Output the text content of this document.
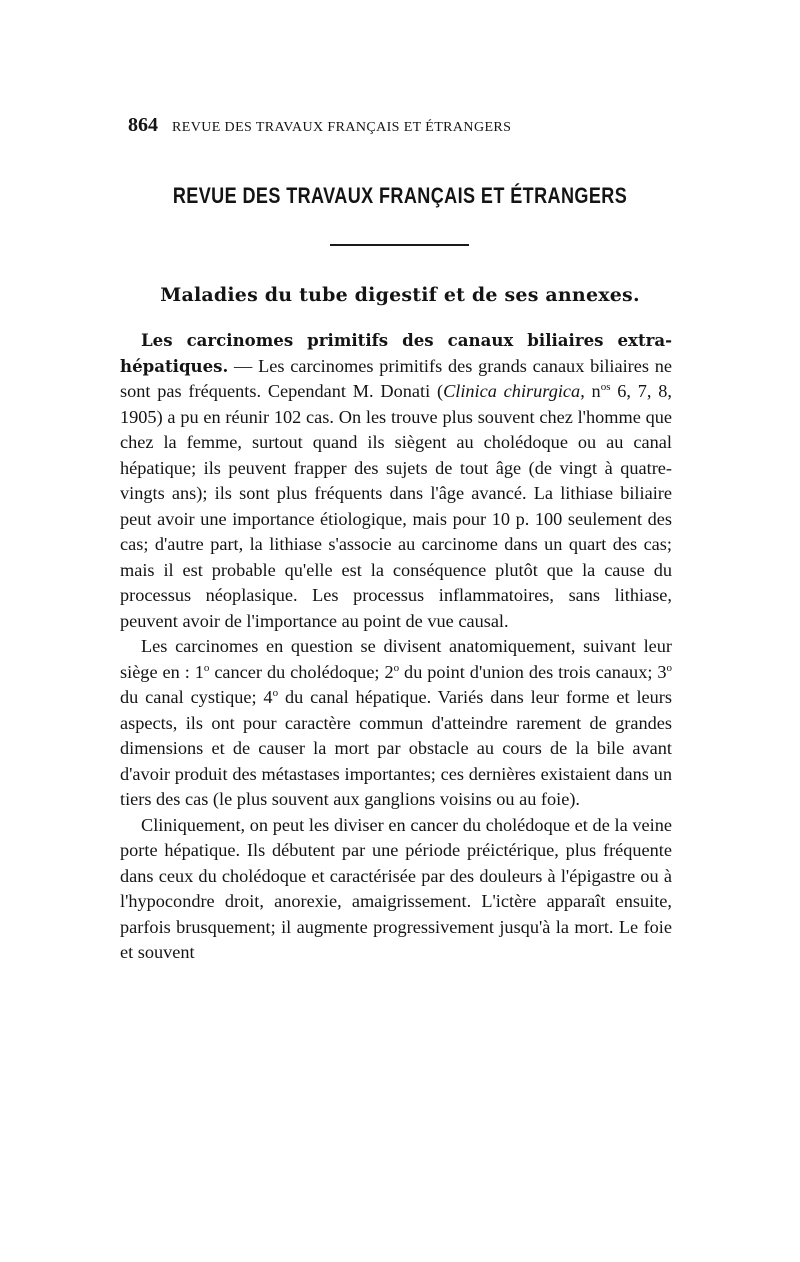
864 REVUE DES TRAVAUX FRANÇAIS ET ÉTRANGERS
REVUE DES TRAVAUX FRANÇAIS ET ÉTRANGERS
Maladies du tube digestif et de ses annexes.

Les carcinomes primitifs des canaux biliaires extra-hépatiques. — Les carcinomes primitifs des grands canaux biliaires ne sont pas fréquents. Cependant M. Donati (Clinica chirurgica, $n^{os}$ 6, 7, 8, 1905) a pu en réunir 102 cas. On les trouve plus souvent chez l'homme que chez la femme, surtout quand ils siègent au cholédoque ou au canal hépatique; ils peuvent frapper des sujets de tout âge (de vingt à quatre-vingts ans); ils sont plus fréquents dans l'âge avancé. La lithiase biliaire peut avoir une importance étiologique, mais pour 10 p. 100 seulement des cas; d'autre part, la lithiase s'associe au carcinome dans un quart des cas; mais il est probable qu'elle est la conséquence plutôt que la cause du processus néoplasique. Les processus inflammatoires, sans lithiase, peuvent avoir de l'importance au point de vue causal.

Les carcinomes en question se divisent anatomiquement, suivant leur siège en : 1$^o$ cancer du cholédoque; 2$^o$ du point d'union des trois canaux; 3$^o$ du canal cystique; 4$^o$ du canal hépatique. Variés dans leur forme et leurs aspects, ils ont pour caractère commun d'atteindre rarement de grandes dimensions et de causer la mort par obstacle au cours de la bile avant d'avoir produit des métastases importantes; ces dernières existaient dans un tiers des cas (le plus souvent aux ganglions voisins ou au foie).

Cliniquement, on peut les diviser en cancer du cholédoque et de la veine porte hépatique. Ils débutent par une période préictérique, plus fréquente dans ceux du cholédoque et caractérisée par des douleurs à l'épigastre ou à l'hypocondre droit, anorexie, amaigrissement. L'ictère apparaît ensuite, parfois brusquement; il augmente progressivement jusqu'à la mort. Le foie et souvent
